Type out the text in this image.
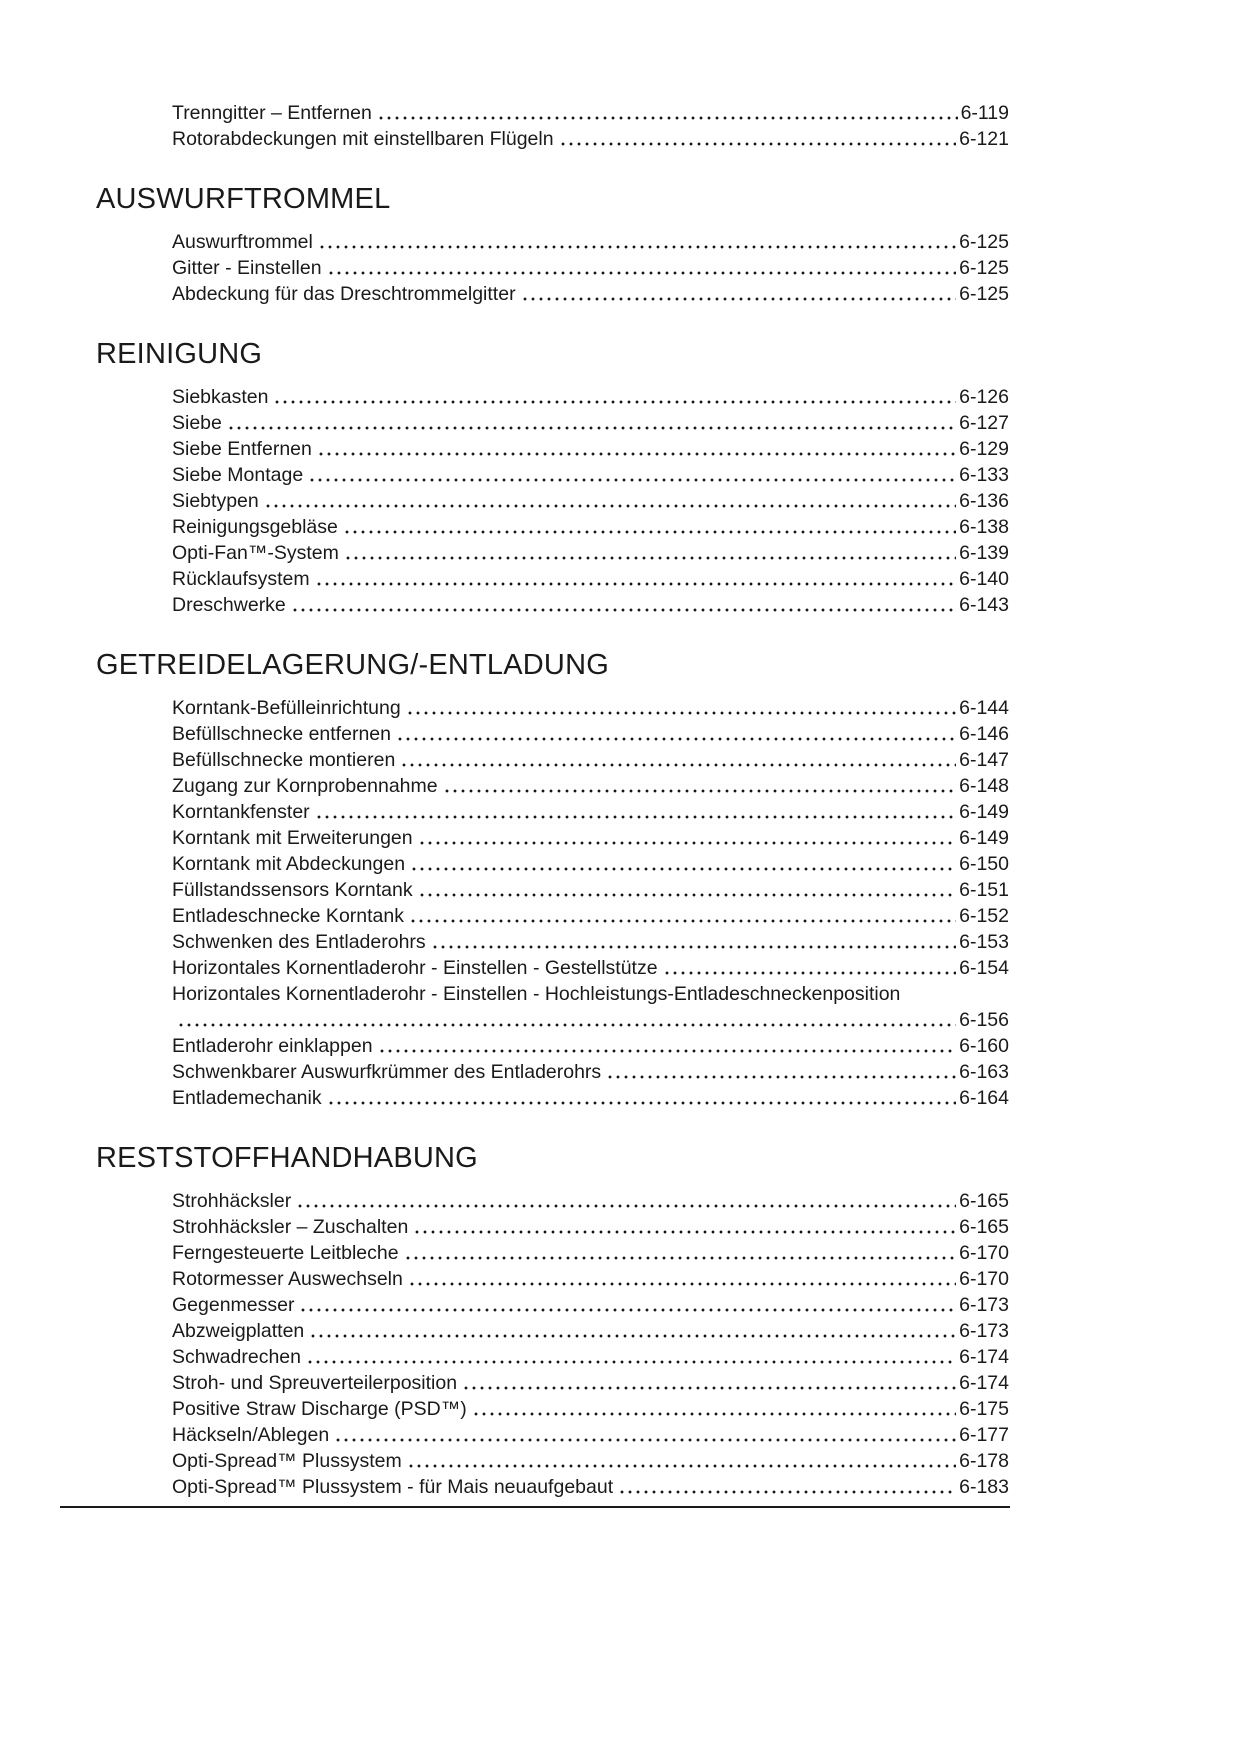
Trenngitter – Entfernen	6-119
Rotorabdeckungen mit einstellbaren Flügeln	6-121
AUSWURFTROMMEL
Auswurftrommel	6-125
Gitter - Einstellen	6-125
Abdeckung für das Dreschtrommelgitter	6-125
REINIGUNG
Siebkasten	6-126
Siebe	6-127
Siebe Entfernen	6-129
Siebe Montage	6-133
Siebtypen	6-136
Reinigungsgebläse	6-138
Opti-Fan™-System	6-139
Rücklaufsystem	6-140
Dreschwerke	6-143
GETREIDELAGERUNG/-ENTLADUNG
Korntank-Befülleinrichtung	6-144
Befüllschnecke entfernen	6-146
Befüllschnecke montieren	6-147
Zugang zur Kornprobennahme	6-148
Korntankfenster	6-149
Korntank mit Erweiterungen	6-149
Korntank mit Abdeckungen	6-150
Füllstandssensors Korntank	6-151
Entladeschnecke Korntank	6-152
Schwenken des Entladerohrs	6-153
Horizontales Kornentladerohr - Einstellen - Gestellstütze	6-154
Horizontales Kornentladerohr - Einstellen - Hochleistungs-Entladeschneckenposition
6-156
Entladerohr einklappen	6-160
Schwenkbarer Auswurfkrümmer des Entladerohrs	6-163
Entlademechanik	6-164
RESTSTOFFHANDHABUNG
Strohhäcksler	6-165
Strohhäcksler – Zuschalten	6-165
Ferngesteuerte Leitbleche	6-170
Rotormesser Auswechseln	6-170
Gegenmesser	6-173
Abzweigplatten	6-173
Schwadrechen	6-174
Stroh- und Spreuverteilerposition	6-174
Positive Straw Discharge (PSD™)	6-175
Häckseln/Ablegen	6-177
Opti-Spread™ Plussystem	6-178
Opti-Spread™ Plussystem - für Mais neuaufgebaut	6-183
